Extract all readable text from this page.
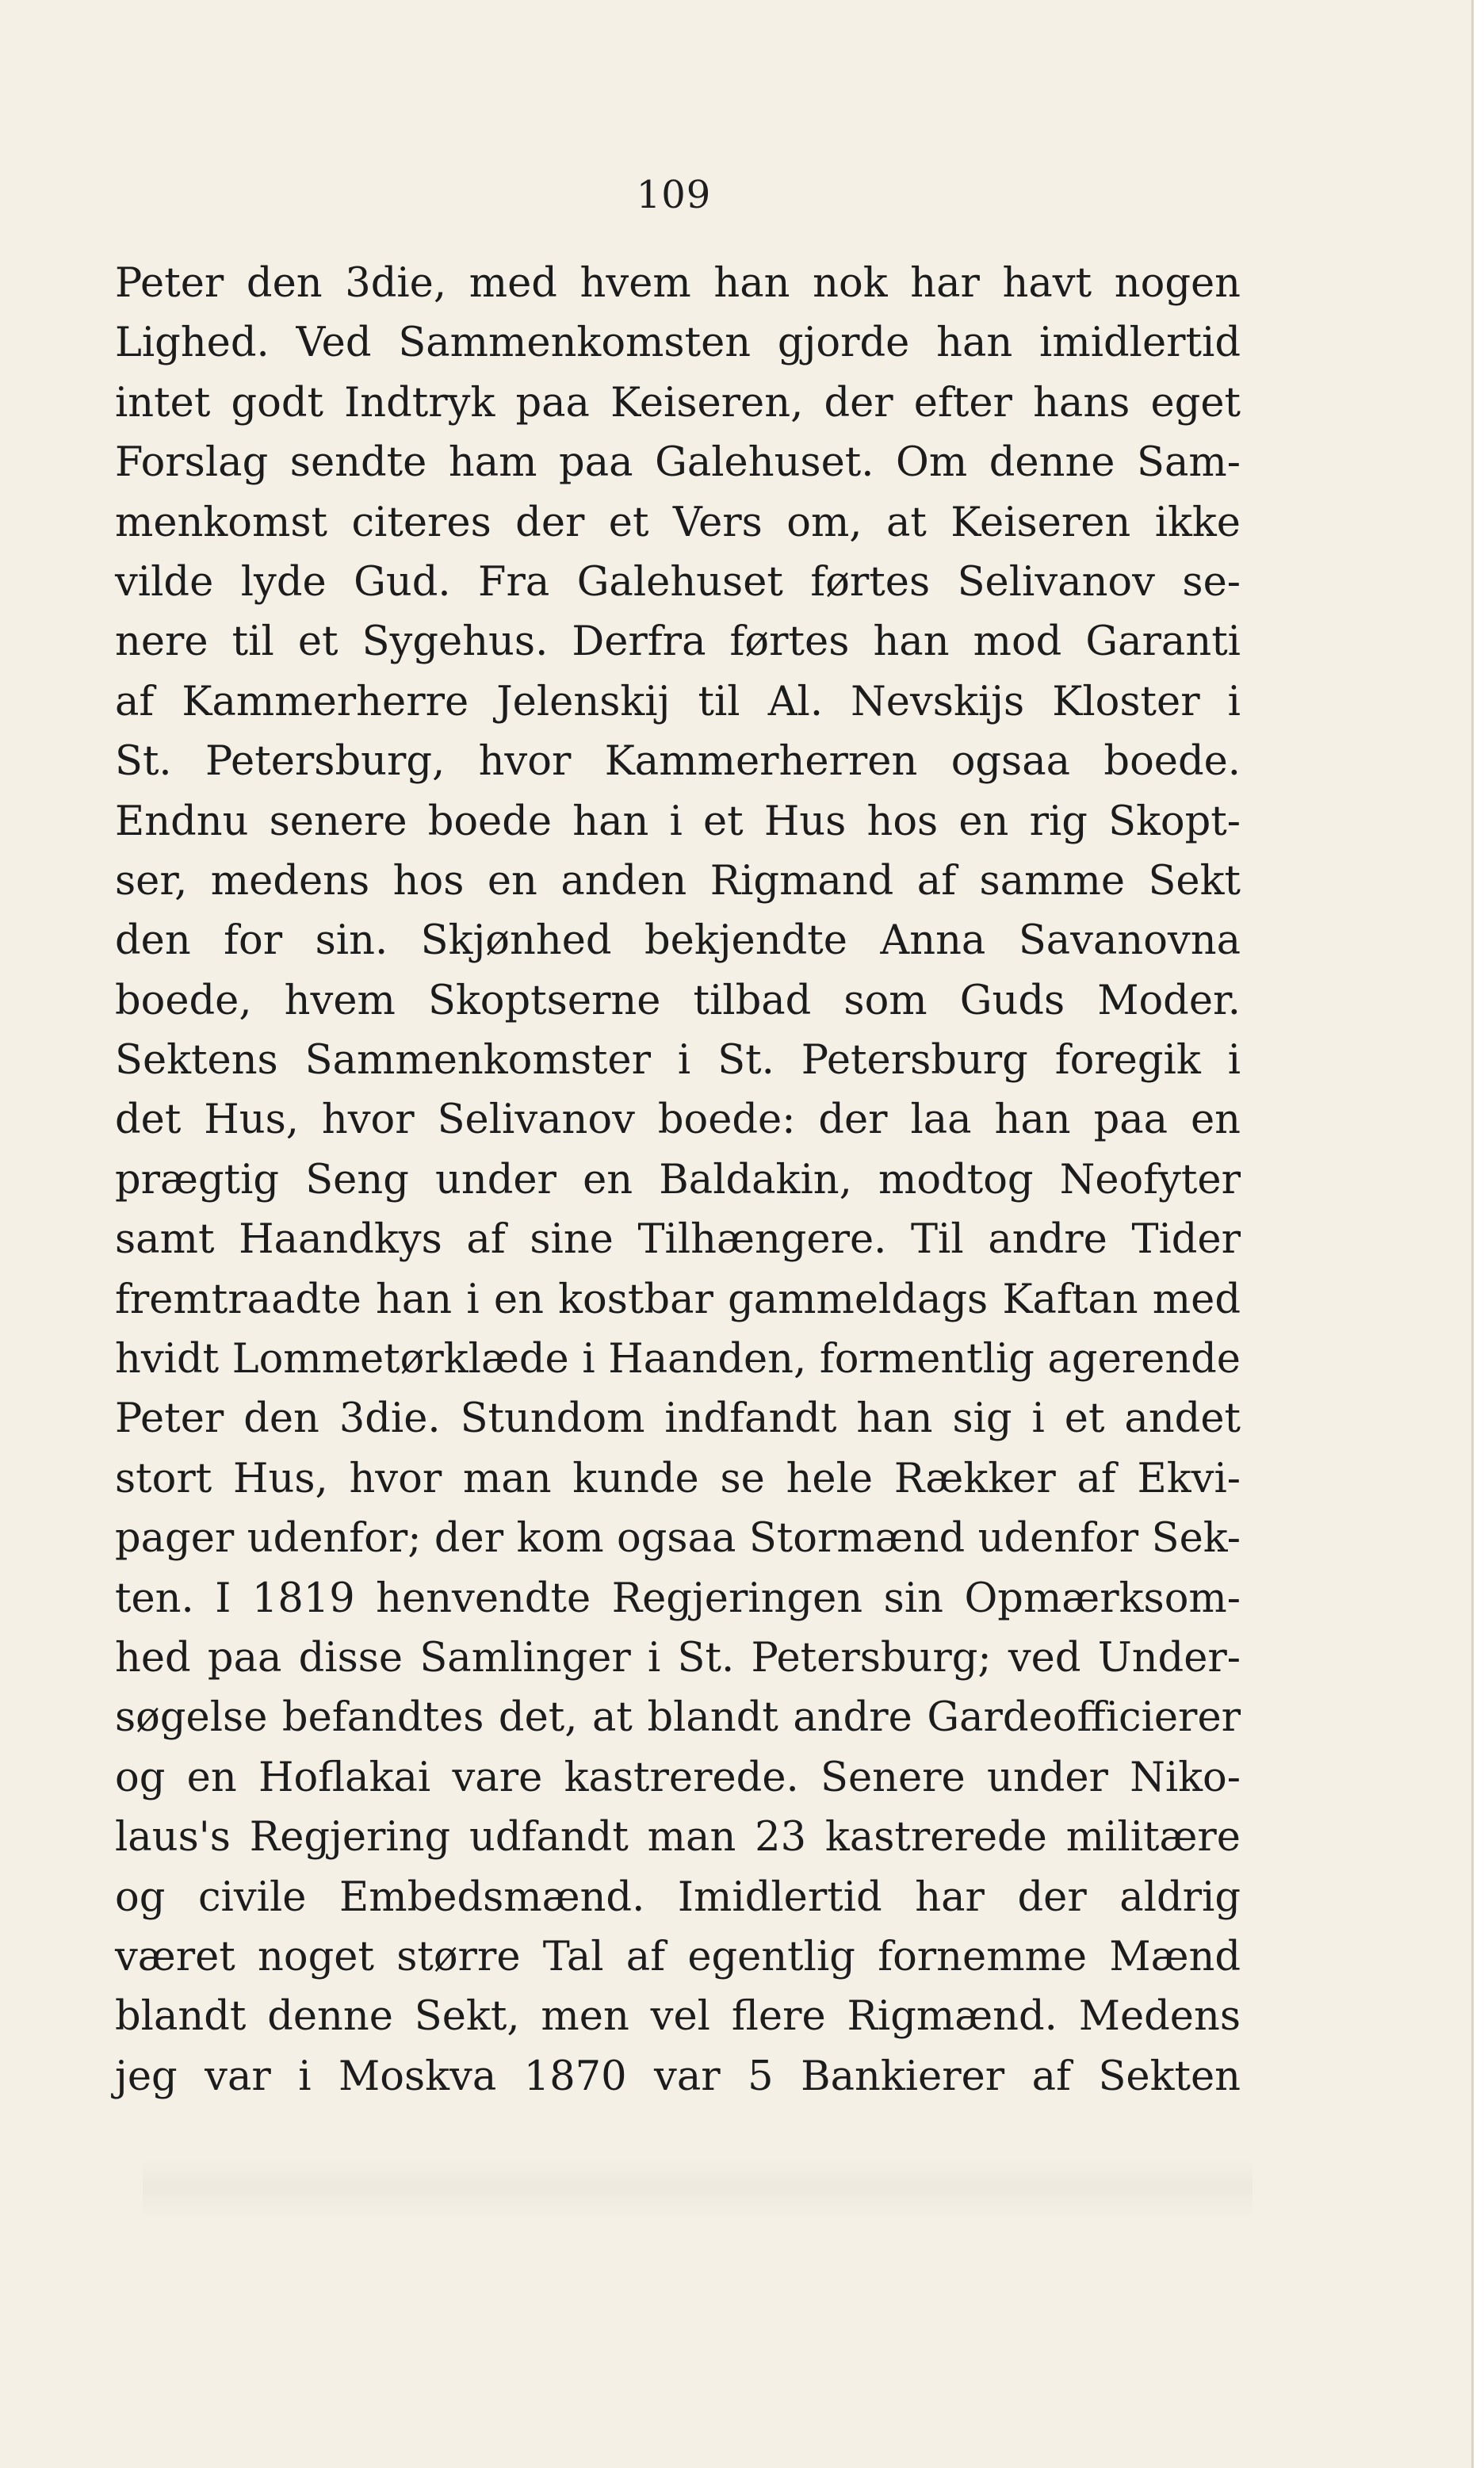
109
Peter den 3die, med hvem han nok har havt nogen
Lighed. Ved Sammenkomsten gjorde han imidlertid
intet godt Indtryk paa Keiseren, der efter hans eget
Forslag sendte ham paa Galehuset. Om denne Sam-
menkomst citeres der et Vers om, at Keiseren ikke
vilde lyde Gud. Fra Galehuset førtes Selivanov se-
nere til et Sygehus. Derfra førtes han mod Garanti
af Kammerherre Jelenskij til Al. Nevskijs Kloster i
St. Petersburg, hvor Kammerherren ogsaa boede.
Endnu senere boede han i et Hus hos en rig Skopt-
ser, medens hos en anden Rigmand af samme Sekt
den for sin. Skjønhed bekjendte Anna Savanovna
boede, hvem Skoptserne tilbad som Guds Moder.
Sektens Sammenkomster i St. Petersburg foregik i
det Hus, hvor Selivanov boede: der laa han paa en
prægtig Seng under en Baldakin, modtog Neofyter
samt Haandkys af sine Tilhængere. Til andre Tider
fremtraadte han i en kostbar gammeldags Kaftan med
hvidt Lommetørklæde i Haanden, formentlig agerende
Peter den 3die. Stundom indfandt han sig i et andet
stort Hus, hvor man kunde se hele Rækker af Ekvi-
pager udenfor; der kom ogsaa Stormænd udenfor Sek-
ten. I 1819 henvendte Regjeringen sin Opmærksom-
hed paa disse Samlinger i St. Petersburg; ved Under-
søgelse befandtes det, at blandt andre Gardeofficierer
og en Hoflakai vare kastrerede. Senere under Niko-
laus's Regjering udfandt man 23 kastrerede militære
og civile Embedsmænd. Imidlertid har der aldrig
været noget større Tal af egentlig fornemme Mænd
blandt denne Sekt, men vel flere Rigmænd. Medens
jeg var i Moskva 1870 var 5 Bankierer af Sekten
